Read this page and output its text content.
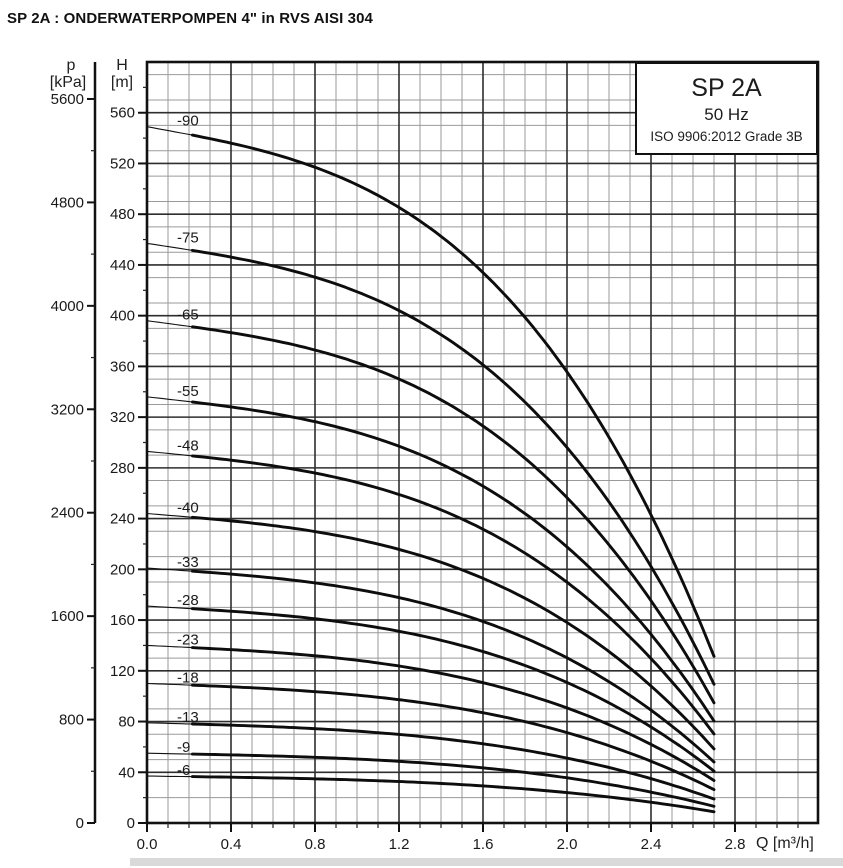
SP 2A : ONDERWATERPOMPEN 4" in RVS AISI 304
-90
-75
-65
-55
-48
-40
-33
-28
-23
-18
-13
-9
-6
0
800
1600
2400
3200
4000
4800
5600
0
40
80
120
160
200
240
280
320
360
400
440
480
520
560
0.0	0.4	0.8	1.2	1.6	2.0	2.4	2.8
p
[kPa]
H
[m]
Q [m³/h]
SP 2A
50 Hz
ISO 9906:2012 Grade 3B
